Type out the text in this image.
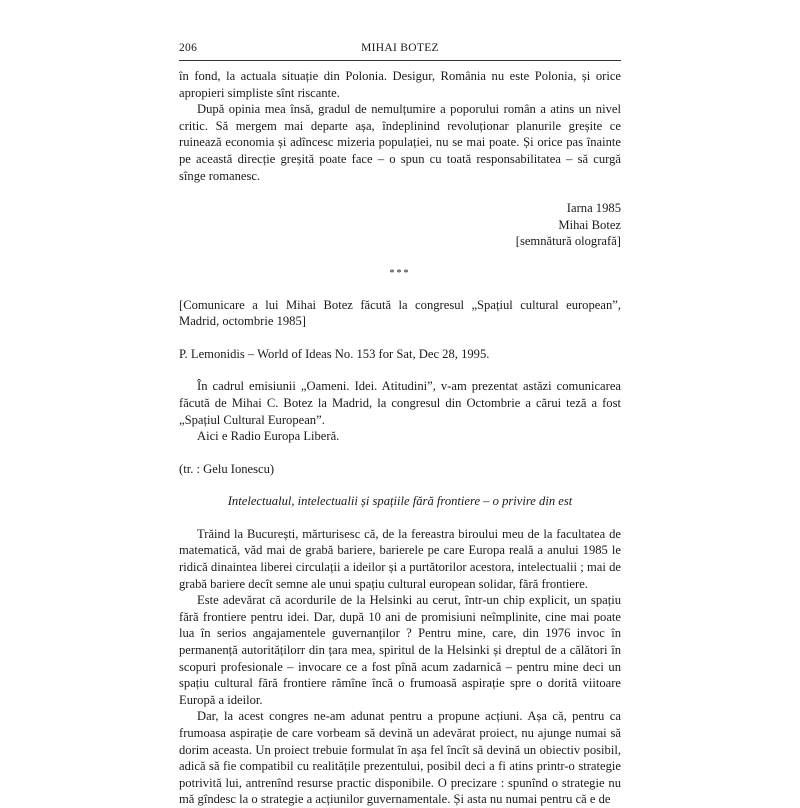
206	MIHAI BOTEZ

în fond, la actuala situație din Polonia. Desigur, România nu este Polonia, și orice apropieri simpliste sînt riscante.

După opinia mea însă, gradul de nemulțumire a poporului român a atins un nivel critic. Să mergem mai departe așa, îndeplinind revoluționar planurile greșite ce ruinează economia și adîncesc mizeria populației, nu se mai poate. Și orice pas înainte pe această direcție greșită poate face – o spun cu toată responsabilitatea – să curgă sînge romanesc.

Iarna 1985

Mihai Botez

[semnătură olografă]

***

[Comunicare a lui Mihai Botez făcută la congresul „Spațiul cultural european”, Madrid, octombrie 1985]

P. Lemonidis – World of Ideas No. 153 for Sat, Dec 28, 1995.

În cadrul emisiunii „Oameni. Idei. Atitudini”, v-am prezentat astăzi comunicarea făcută de Mihai C. Botez la Madrid, la congresul din Octombrie a cărui teză a fost „Spațiul Cultural European”.

Aici e Radio Europa Liberă.

(tr. : Gelu Ionescu)

Intelectualul, intelectualii și spațiile fără frontiere – o privire din est

Trăind la București, mărturisesc că, de la fereastra biroului meu de la facultatea de matematică, văd mai de grabă bariere, barierele pe care Europa reală a anului 1985 le ridică dinaintea liberei circulații a ideilor și a purtătorilor acestora, intelectualii ; mai de grabă bariere decît semne ale unui spațiu cultural european solidar, fără frontiere.

Este adevărat că acordurile de la Helsinki au cerut, într-un chip explicit, un spațiu fără frontiere pentru idei. Dar, după 10 ani de promisiuni neîmplinite, cine mai poate lua în serios angajamentele guvernanților ? Pentru mine, care, din 1976 invoc în permanență autoritățilorr din țara mea, spiritul de la Helsinki și dreptul de a călători în scopuri profesionale – invocare ce a fost pînă acum zadarnică – pentru mine deci un spațiu cultural fără frontiere rămîne încă o frumoasă aspirație spre o dorită viitoare Europă a ideilor.

Dar, la acest congres ne-am adunat pentru a propune acțiuni. Așa că, pentru ca frumoasa aspirație de care vorbeam să devină un adevărat proiect, nu ajunge numai să dorim aceasta. Un proiect trebuie formulat în așa fel încît să devină un obiectiv posibil, adică să fie compatibil cu realitățile prezentului, posibil deci a fi atins printr-o strategie potrivită lui, antrenînd resurse practic disponibile. O precizare : spunînd o strategie nu mă gîndesc la o strategie a acțiunilor guvernamentale. Și asta nu numai pentru că e de
